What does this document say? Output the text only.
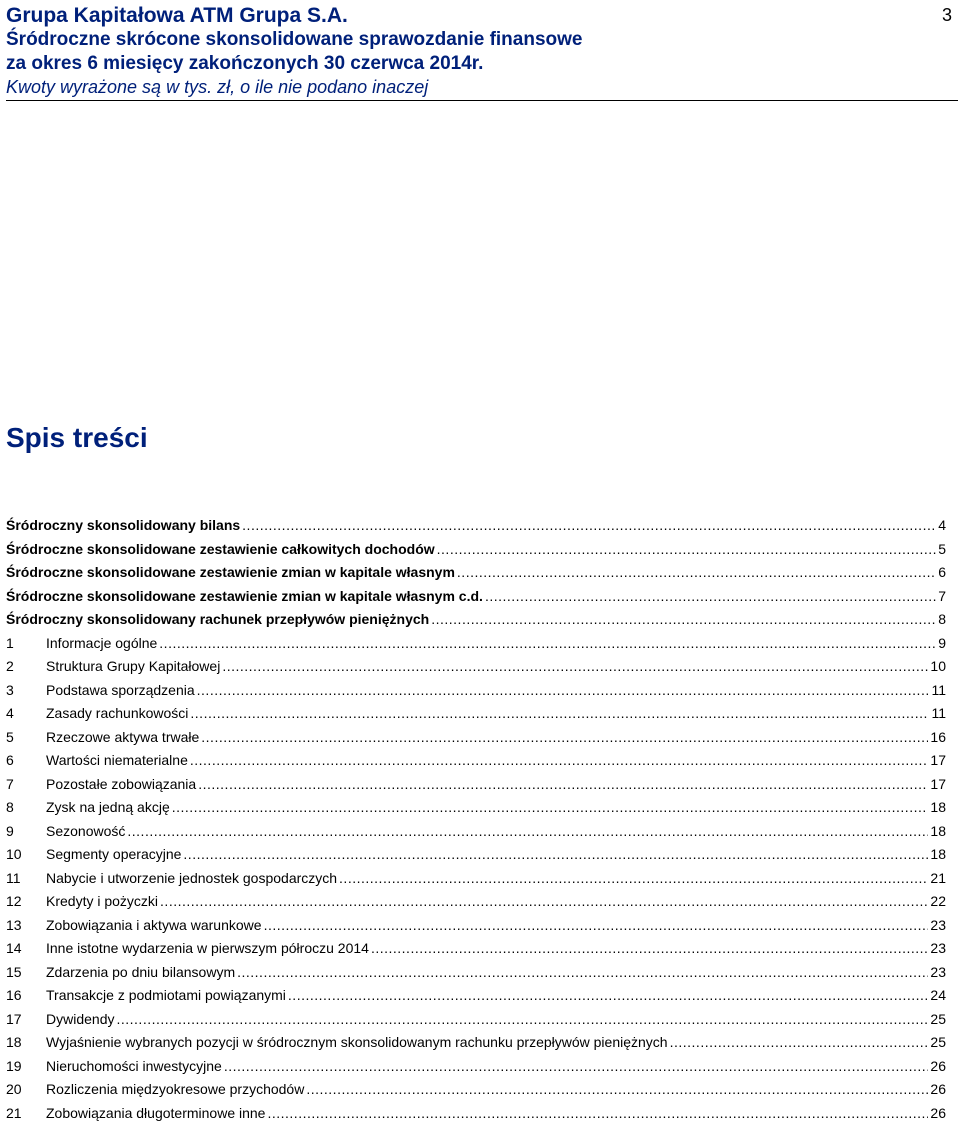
Grupa Kapitałowa ATM Grupa S.A.
Śródroczne skrócone skonsolidowane sprawozdanie finansowe
za okres 6 miesięcy zakończonych 30 czerwca 2014r.
Kwoty wyrażone są w tys. zł, o ile nie podano inaczej
3
Spis treści
Śródroczny skonsolidowany bilans .....	4
Śródroczne skonsolidowane zestawienie całkowitych dochodów .....	5
Śródroczne skonsolidowane zestawienie zmian w kapitale własnym .....	6
Śródroczne skonsolidowane zestawienie zmian w kapitale własnym c.d. .....	7
Śródroczny skonsolidowany rachunek przepływów pieniężnych .....	8
1	Informacje ogólne .....	9
2	Struktura Grupy Kapitałowej .....	10
3	Podstawa sporządzenia .....	11
4	Zasady rachunkowości .....	11
5	Rzeczowe aktywa trwałe .....	16
6	Wartości niematerialne .....	17
7	Pozostałe zobowiązania .....	17
8	Zysk na jedną akcję .....	18
9	Sezonowość .....	18
10	Segmenty operacyjne .....	18
11	Nabycie i utworzenie jednostek gospodarczych .....	21
12	Kredyty i pożyczki .....	22
13	Zobowiązania i aktywa warunkowe .....	23
14	Inne istotne wydarzenia w pierwszym półroczu 2014 .....	23
15	Zdarzenia po dniu bilansowym .....	23
16	Transakcje z podmiotami powiązanymi .....	24
17	Dywidendy .....	25
18	Wyjaśnienie wybranych pozycji w śródrocznym skonsolidowanym rachunku przepływów pieniężnych .....	25
19	Nieruchomości inwestycyjne .....	26
20	Rozliczenia międzyokresowe przychodów .....	26
21	Zobowiązania długoterminowe inne .....	26
